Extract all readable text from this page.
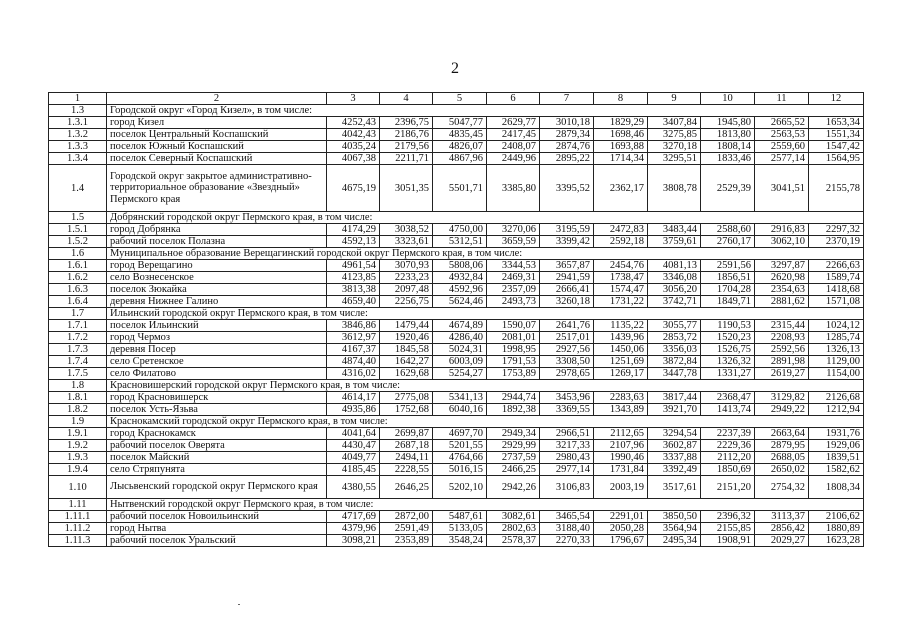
2
1	2	3	4	5	6	7	8	9	10	11	12
1.3	Городской округ «Город Кизел», в том числе:										
1.3.1	город Кизел	4252,43	2396,75	5047,77	2629,77	3010,18	1829,29	3407,84	1945,80	2665,52	1653,34
1.3.2	поселок Центральный Коспашский	4042,43	2186,76	4835,45	2417,45	2879,34	1698,46	3275,85	1813,80	2563,53	1551,34
1.3.3	поселок Южный Коспашский	4035,24	2179,56	4826,07	2408,07	2874,76	1693,88	3270,18	1808,14	2559,60	1547,42
1.3.4	поселок Северный Коспашский	4067,38	2211,71	4867,96	2449,96	2895,22	1714,34	3295,51	1833,46	2577,14	1564,95
1.4	Городской округ закрытое административно-территориальное образование «Звездный» Пермского края	4675,19	3051,35	5501,71	3385,80	3395,52	2362,17	3808,78	2529,39	3041,51	2155,78
1.5	Добрянский городской округ Пермского края, в том числе:										
1.5.1	город Добрянка	4174,29	3038,52	4750,00	3270,06	3195,59	2472,83	3483,44	2588,60	2916,83	2297,32
1.5.2	рабочий поселок Полазна	4592,13	3323,61	5312,51	3659,59	3399,42	2592,18	3759,61	2760,17	3062,10	2370,19
1.6	Муниципальное образование Верещагинский городской округ Пермского края, в том числе:										
1.6.1	город Верещагино	4961,54	3070,93	5808,06	3344,53	3657,87	2454,76	4081,13	2591,56	3297,87	2266,63
1.6.2	село Вознесенское	4123,85	2233,23	4932,84	2469,31	2941,59	1738,47	3346,08	1856,51	2620,98	1589,74
1.6.3	поселок Зюкайка	3813,38	2097,48	4592,96	2357,09	2666,41	1574,47	3056,20	1704,28	2354,63	1418,68
1.6.4	деревня Нижнее Галино	4659,40	2256,75	5624,46	2493,73	3260,18	1731,22	3742,71	1849,71	2881,62	1571,08
1.7	Ильинский городской округ Пермского края, в том числе:										
1.7.1	поселок Ильинский	3846,86	1479,44	4674,89	1590,07	2641,76	1135,22	3055,77	1190,53	2315,44	1024,12
1.7.2	город Чермоз	3612,97	1920,46	4286,40	2081,01	2517,01	1439,96	2853,72	1520,23	2208,93	1285,74
1.7.3	деревня Посер	4167,37	1845,58	5024,31	1998,95	2927,56	1450,06	3356,03	1526,75	2592,56	1326,13
1.7.4	село Сретенское	4874,40	1642,27	6003,09	1791,53	3308,50	1251,69	3872,84	1326,32	2891,98	1129,00
1.7.5	село Филатово	4316,02	1629,68	5254,27	1753,89	2978,65	1269,17	3447,78	1331,27	2619,27	1154,00
1.8	Красновишерский городской округ Пермского края, в том числе:										
1.8.1	город Красновишерск	4614,17	2775,08	5341,13	2944,74	3453,96	2283,63	3817,44	2368,47	3129,82	2126,68
1.8.2	поселок Усть-Язьва	4935,86	1752,68	6040,16	1892,38	3369,55	1343,89	3921,70	1413,74	2949,22	1212,94
1.9	Краснокамский городской округ Пермского края, в том числе:										
1.9.1	город Краснокамск	4041,64	2699,87	4697,70	2949,34	2966,51	2112,65	3294,54	2237,39	2663,64	1931,76
1.9.2	рабочий поселок Оверята	4430,47	2687,18	5201,55	2929,99	3217,33	2107,96	3602,87	2229,36	2879,95	1929,06
1.9.3	поселок Майский	4049,77	2494,11	4764,66	2737,59	2980,43	1990,46	3337,88	2112,20	2688,05	1839,51
1.9.4	село Стряпунята	4185,45	2228,55	5016,15	2466,25	2977,14	1731,84	3392,49	1850,69	2650,02	1582,62
1.10	Лысьвенский городской округ Пермского края	4380,55	2646,25	5202,10	2942,26	3106,83	2003,19	3517,61	2151,20	2754,32	1808,34
1.11	Нытвенский городской округ Пермского края, в том числе:										
1.11.1	рабочий поселок Новоильинский	4717,69	2872,00	5487,61	3082,61	3465,54	2291,01	3850,50	2396,32	3113,37	2106,62
1.11.2	город Нытва	4379,96	2591,49	5133,05	2802,63	3188,40	2050,28	3564,94	2155,85	2856,42	1880,89
1.11.3	рабочий поселок Уральский	3098,21	2353,89	3548,24	2578,37	2270,33	1796,67	2495,34	1908,91	2029,27	1623,28
